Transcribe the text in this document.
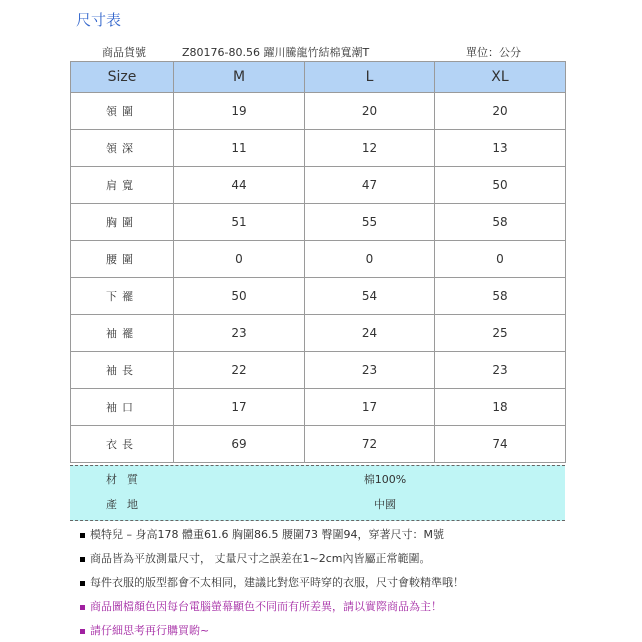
尺寸表
商品貨號	Z80176-80.56 躍川騰龍竹結棉寬潮T	單位：公分
Size	M	L	XL
領圍	19	20	20
領深	11	12	13
肩寬	44	47	50
胸圍	51	55	58
腰圍	0	0	0
下襬	50	54	58
袖襬	23	24	25
袖長	22	23	23
袖口	17	17	18
衣長	69	72	74
材質	棉100%
產地	中國
模特兒 – 身高178 體重61.6 胸圍86.5 腰圍73 臀圍94，穿著尺寸：M號
商品皆為平放測量尺寸， 丈量尺寸之誤差在1~2cm內皆屬正常範圍。
每件衣服的版型都會不太相同，建議比對您平時穿的衣服，尺寸會較精準哦！
商品圖檔顏色因每台電腦螢幕顯色不同而有所差異，請以實際商品為主！
請仔細思考再行購買喲~
